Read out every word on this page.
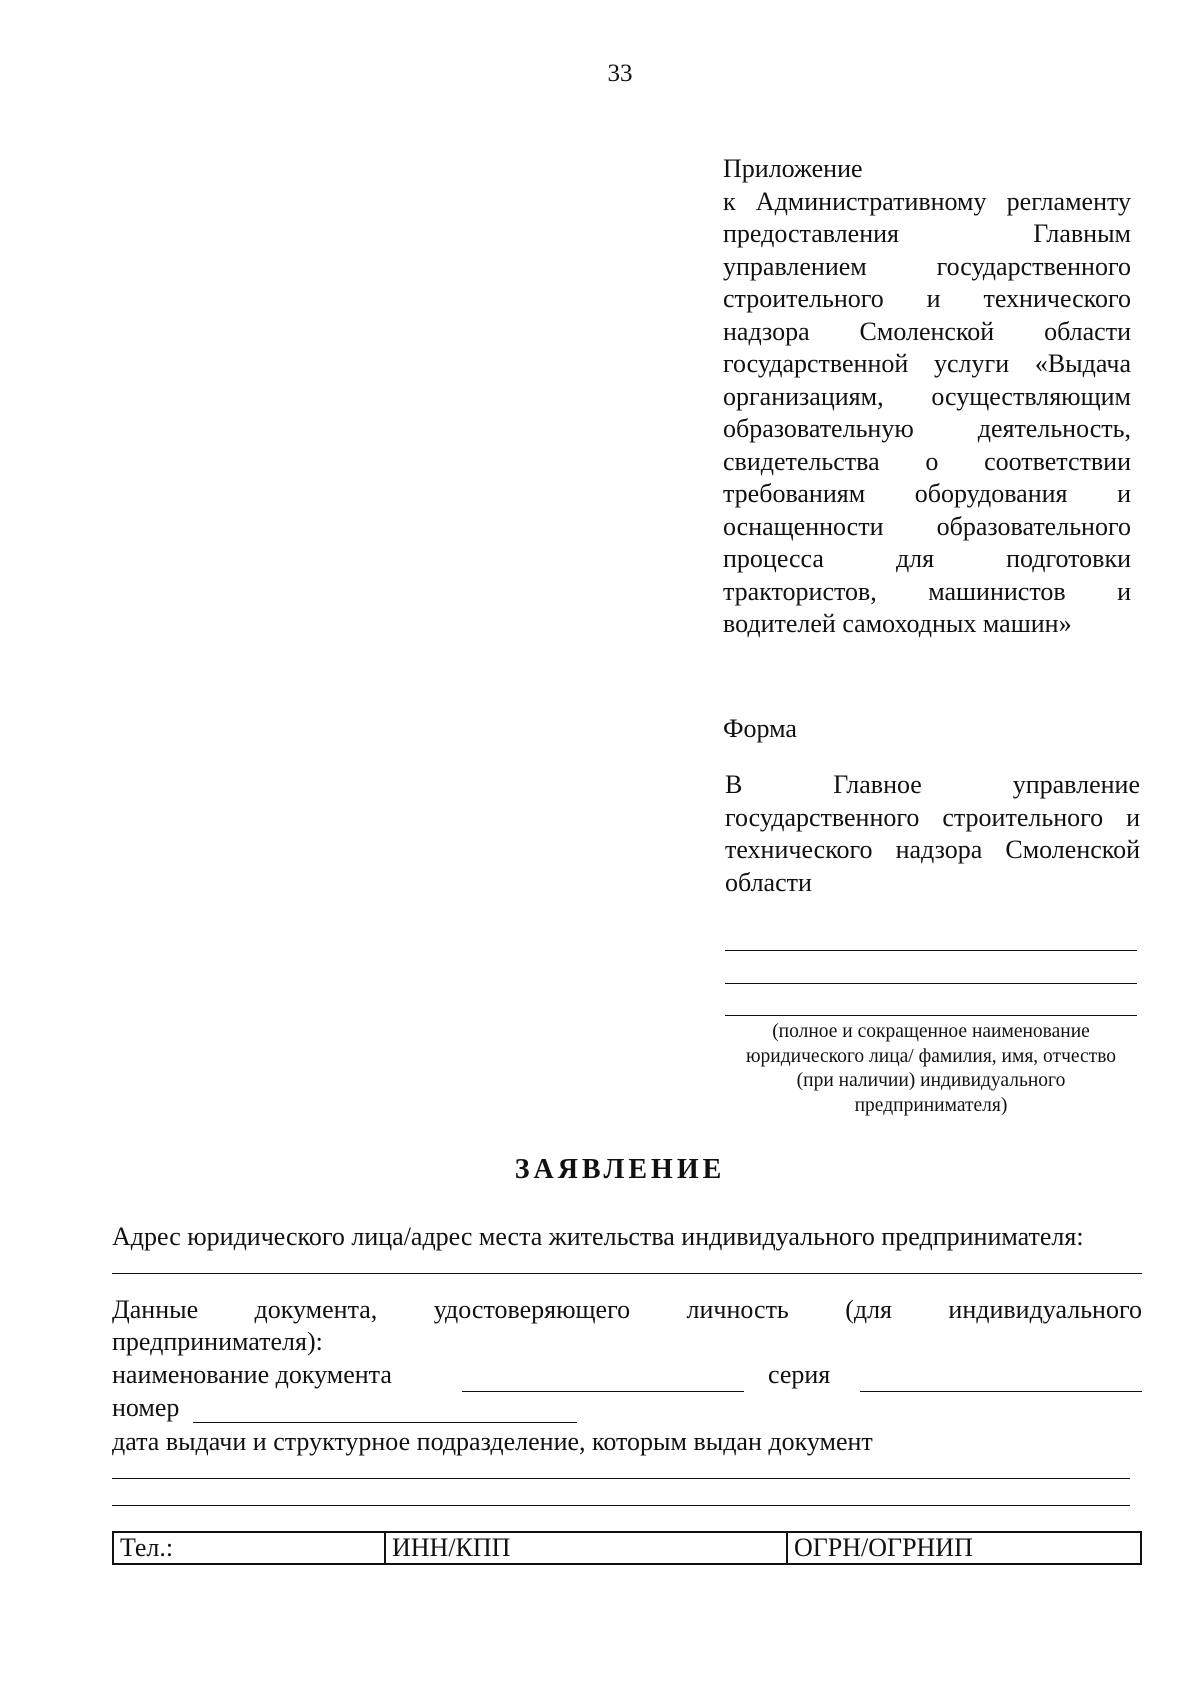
33
Приложение
к Административному регламенту предоставления Главным управлением государственного строительного и технического надзора Смоленской области государственной услуги «Выдача организациям, осуществляющим образовательную деятельность, свидетельства о соответствии требованиям оборудования и оснащенности образовательного процесса для подготовки трактористов, машинистов и водителей самоходных машин»
Форма
В Главное управление государственного строительного и технического надзора Смоленской области
(полное и сокращенное наименование юридического лица/ фамилия, имя, отчество (при наличии) индивидуального предпринимателя)
ЗАЯВЛЕНИЕ
Адрес юридического лица/адрес места жительства индивидуального предпринимателя:
Данные документа, удостоверяющего личность (для индивидуального
предпринимателя):
наименование документа	серия
номер
дата выдачи и структурное подразделение, которым выдан документ
Тел.:	ИНН/КПП	ОГРН/ОГРНИП
